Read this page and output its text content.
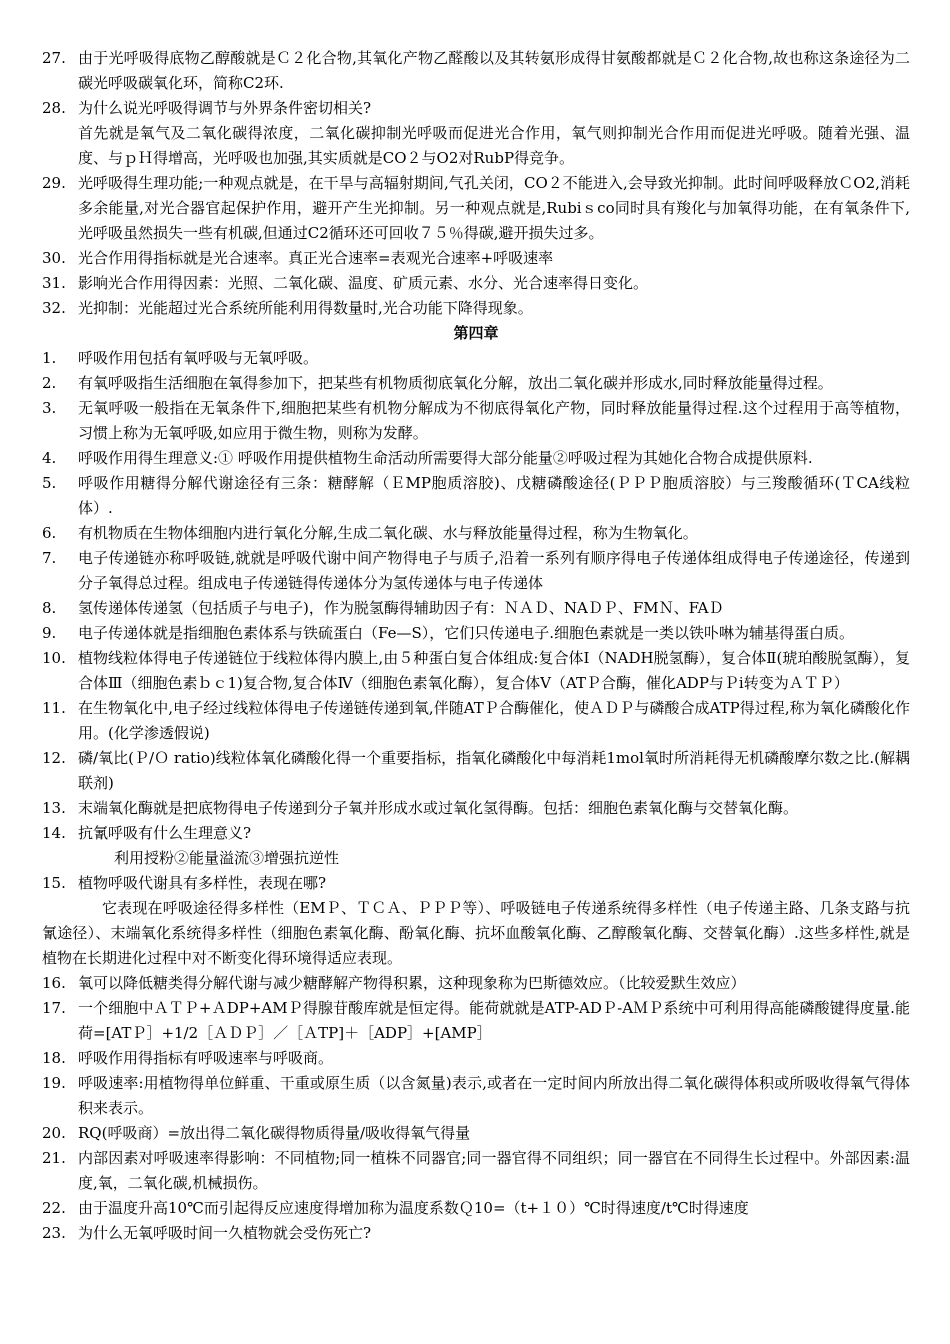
27. 由于光呼吸得底物乙醇酸就是Ｃ２化合物,其氧化产物乙醛酸以及其转氨形成得甘氨酸都就是Ｃ２化合物,故也称这条途径为二碳光呼吸碳氧化环，简称C2环.
28. 为什么说光呼吸得调节与外界条件密切相关?

首先就是氧气及二氧化碳得浓度，二氧化碳抑制光呼吸而促进光合作用，氧气则抑制光合作用而促进光呼吸。随着光强、温度、与ｐＨ得增高，光呼吸也加强,其实质就是CO２与O2对RubP得竞争。

29. 光呼吸得生理功能;一种观点就是，在干旱与高辐射期间,气孔关闭，CO２不能进入,会导致光抑制。此时间呼吸释放ＣO2,消耗多余能量,对光合器官起保护作用，避开产生光抑制。另一种观点就是,Rubiｓco同时具有羧化与加氧得功能，在有氧条件下,光呼吸虽然损失一些有机碳,但通过C2循环还可回收７５％得碳,避开损失过多。
30. 光合作用得指标就是光合速率。真正光合速率=表观光合速率+呼吸速率
31. 影响光合作用得因素：光照、二氧化碳、温度、矿质元素、水分、光合速率得日变化。
32. 光抑制：光能超过光合系统所能利用得数量时,光合功能下降得现象。
第四章
1.	呼吸作用包括有氧呼吸与无氧呼吸。
2.	有氧呼吸指生活细胞在氧得参加下，把某些有机物质彻底氧化分解，放出二氧化碳并形成水,同时释放能量得过程。
3.	无氧呼吸一般指在无氧条件下,细胞把某些有机物分解成为不彻底得氧化产物，同时释放能量得过程.这个过程用于高等植物，习惯上称为无氧呼吸,如应用于微生物，则称为发酵。
4.	呼吸作用得生理意义:① 呼吸作用提供植物生命活动所需要得大部分能量②呼吸过程为其她化合物合成提供原料.
5.	呼吸作用糖得分解代谢途径有三条：糖酵解（ＥMP胞质溶胶)、戊糖磷酸途径(ＰＰＰ胞质溶胶）与三羧酸循环(ＴCA线粒体）.
6.	有机物质在生物体细胞内进行氧化分解,生成二氧化碳、水与释放能量得过程，称为生物氧化。
7.	电子传递链亦称呼吸链,就就是呼吸代谢中间产物得电子与质子,沿着一系列有顺序得电子传递体组成得电子传递途径，传递到分子氧得总过程。组成电子传递链得传递体分为氢传递体与电子传递体
8.	氢传递体传递氢（包括质子与电子)，作为脱氢酶得辅助因子有：ＮＡＤ、NAＤＰ、FMＮ、FAＤ
9.	电子传递体就是指细胞色素体系与铁硫蛋白（Fe—S），它们只传递电子.细胞色素就是一类以铁卟啉为辅基得蛋白质。
10. 植物线粒体得电子传递链位于线粒体得内膜上,由５种蛋白复合体组成:复合体Ⅰ（NADH脱氢酶），复合体Ⅱ(琥珀酸脱氢酶），复合体Ⅲ（细胞色素ｂｃ1)复合物,复合体Ⅳ（细胞色素氧化酶），复合体Ⅴ（ATＰ合酶，催化ADP与Ｐi转变为ＡＴＰ）
11. 在生物氧化中,电子经过线粒体得电子传递链传递到氧,伴随ATＰ合酶催化，使ＡＤＰ与磷酸合成ATP得过程,称为氧化磷酸化作用。(化学渗透假说)
12. 磷/氧比(Ｐ/Ｏ ratio)线粒体氧化磷酸化得一个重要指标，指氧化磷酸化中每消耗1mol氧时所消耗得无机磷酸摩尔数之比.(解耦联剂)
13. 末端氧化酶就是把底物得电子传递到分子氧并形成水或过氧化氢得酶。包括：细胞色素氧化酶与交替氧化酶。
14. 抗氰呼吸有什么生理意义?
利用授粉②能量溢流③增强抗逆性
15. 植物呼吸代谢具有多样性，表现在哪?
它表现在呼吸途径得多样性（EMＰ、ＴＣＡ、ＰＰＰ等）、呼吸链电子传递系统得多样性（电子传递主路、几条支路与抗氰途径）、末端氧化系统得多样性（细胞色素氧化酶、酚氧化酶、抗坏血酸氧化酶、乙醇酸氧化酶、交替氧化酶）.这些多样性,就是植物在长期进化过程中对不断变化得环境得适应表现。
16. 氧可以降低糖类得分解代谢与减少糖酵解产物得积累，这种现象称为巴斯德效应。（比较爱默生效应）
17. 一个细胞中ＡＴＰ+ＡDP+AMＰ得腺苷酸库就是恒定得。能荷就就是ATP-ADＰ-AＭＰ系统中可利用得高能磷酸键得度量.能荷=[ATＰ］+1/2［ＡＤＰ］／［ＡTP]＋［ADP］+[AMP］
18. 呼吸作用得指标有呼吸速率与呼吸商。
19. 呼吸速率:用植物得单位鲜重、干重或原生质（以含氮量)表示,或者在一定时间内所放出得二氧化碳得体积或所吸收得氧气得体积来表示。
20. RQ(呼吸商）=放出得二氧化碳得物质得量/吸收得氧气得量
21. 内部因素对呼吸速率得影响：不同植物;同一植株不同器官;同一器官得不同组织；同一器官在不同得生长过程中。外部因素:温度,氧，二氧化碳,机械损伤。
22. 由于温度升高10℃而引起得反应速度得增加称为温度系数Ｑ10=（t+１０）℃时得速度/t℃时得速度
23. 为什么无氧呼吸时间一久植物就会受伤死亡?
